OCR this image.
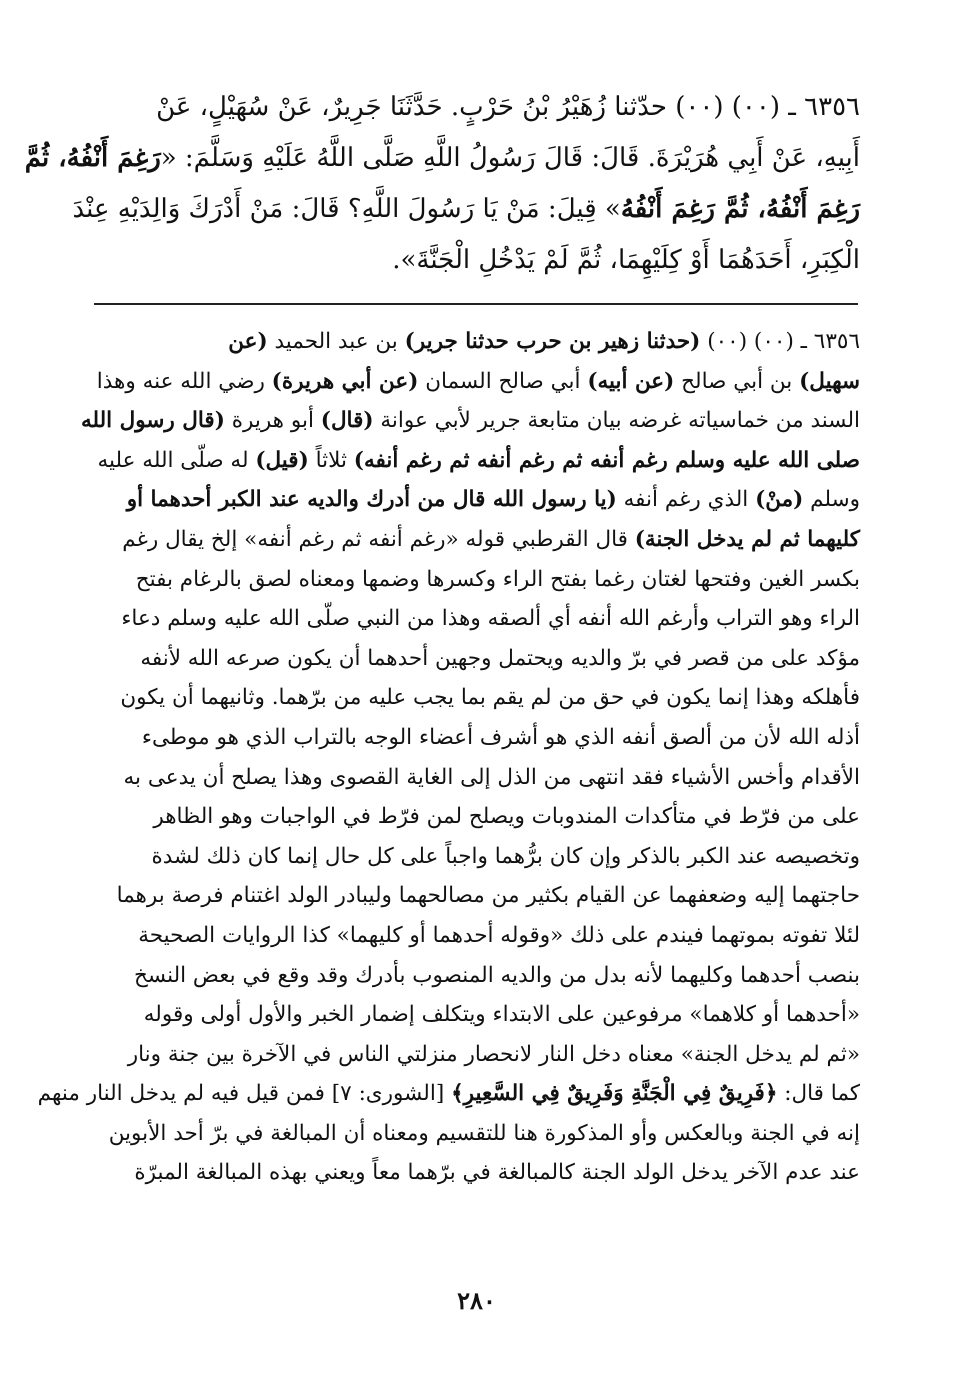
٦٣٥٦ ـ (٠٠) (٠٠) حدّثنا زُهَيْرُ بْنُ حَرْبٍ. حَدَّثَنَا جَرِيرٌ، عَنْ سُهَيْلٍ، عَنْ
أَبِيهِ، عَنْ أَبِي هُرَيْرَةَ. قَالَ: قَالَ رَسُولُ اللَّهِ صَلَّى اللَّهُ عَلَيْهِ وَسَلَّمَ: «رَغِمَ أَنْفُهُ، ثُمَّ
رَغِمَ أَنْفُهُ، ثُمَّ رَغِمَ أَنْفُهُ» قِيلَ: مَنْ يَا رَسُولَ اللَّهِ؟ قَالَ: مَنْ أَدْرَكَ وَالِدَيْهِ عِنْدَ
الْكِبَرِ، أَحَدَهُمَا أَوْ كِلَيْهِمَا، ثُمَّ لَمْ يَدْخُلِ الْجَنَّةَ».
٦٣٥٦ ـ (٠٠) (٠٠) (حدثنا زهير بن حرب حدثنا جرير) بن عبد الحميد (عن
سهيل) بن أبي صالح (عن أبيه) أبي صالح السمان (عن أبي هريرة) رضي الله عنه وهذا
السند من خماسياته غرضه بيان متابعة جرير لأبي عوانة (قال) أبو هريرة (قال رسول الله
صلى الله عليه وسلم رغم أنفه ثم رغم أنفه ثم رغم أنفه) ثلاثاً (قيل) له صلّى الله عليه
وسلم (منْ) الذي رغم أنفه (يا رسول الله قال من أدرك والديه عند الكبر أحدهما أو
كليهما ثم لم يدخل الجنة) قال القرطبي قوله «رغم أنفه ثم رغم أنفه» إلخ يقال رغم
بكسر الغين وفتحها لغتان رغما بفتح الراء وكسرها وضمها ومعناه لصق بالرغام بفتح
الراء وهو التراب وأرغم الله أنفه أي ألصقه وهذا من النبي صلّى الله عليه وسلم دعاء
مؤكد على من قصر في برّ والديه ويحتمل وجهين أحدهما أن يكون صرعه الله لأنفه
فأهلكه وهذا إنما يكون في حق من لم يقم بما يجب عليه من برّهما. وثانيهما أن يكون
أذله الله لأن من ألصق أنفه الذي هو أشرف أعضاء الوجه بالتراب الذي هو موطىء
الأقدام وأخس الأشياء فقد انتهى من الذل إلى الغاية القصوى وهذا يصلح أن يدعى به
على من فرّط في متأكدات المندوبات ويصلح لمن فرّط في الواجبات وهو الظاهر
وتخصيصه عند الكبر بالذكر وإن كان برُّهما واجباً على كل حال إنما كان ذلك لشدة
حاجتهما إليه وضعفهما عن القيام بكثير من مصالحهما وليبادر الولد اغتنام فرصة برهما
لئلا تفوته بموتهما فيندم على ذلك «وقوله أحدهما أو كليهما» كذا الروايات الصحيحة
بنصب أحدهما وكليهما لأنه بدل من والديه المنصوب بأدرك وقد وقع في بعض النسخ
«أحدهما أو كلاهما» مرفوعين على الابتداء ويتكلف إضمار الخبر والأول أولى وقوله
«ثم لم يدخل الجنة» معناه دخل النار لانحصار منزلتي الناس في الآخرة بين جنة ونار
كما قال: ﴿فَرِيقٌ فِي الْجَنَّةِ وَفَرِيقٌ فِي السَّعِيرِ﴾ [الشورى: ٧] فمن قيل فيه لم يدخل النار منهم
إنه في الجنة وبالعكس وأو المذكورة هنا للتقسيم ومعناه أن المبالغة في برّ أحد الأبوين
عند عدم الآخر يدخل الولد الجنة كالمبالغة في برّهما معاً ويعني بهذه المبالغة المبرّة
٢٨٠
